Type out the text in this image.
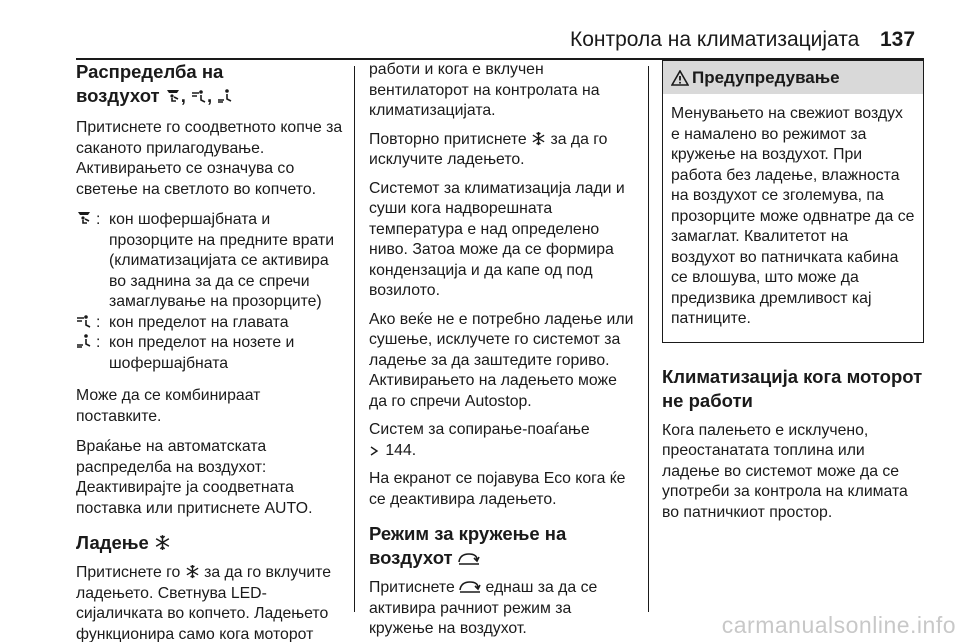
Контрола на климатизацијата 137
Распределба на
воздухот , ,
Притиснете го соодветното копче за саканото прилагодување. Активирањето се означува со светење на светлото во копчето.
: кон шофершајбната и прозорците на предните врати (климатизацијата се активира во заднина за да се спречи замаглување на прозорците)
: кон пределот на главата
: кон пределот на нозете и шофершајбната
Може да се комбинираат поставките.
Враќање на автоматската распределба на воздухот: Деактивирајте ја соодветната поставка или притиснете AUTO.
Ладење
Притиснете го  за да го вклучите ладењето. Светнува LED-сијаличката во копчето. Ладењето функционира само кога моторот
работи и кога е вклучен вентилаторот на контролата на климатизацијата.
Повторно притиснете  за да го исклучите ладењето.
Системот за климатизација лади и суши кога надворешната температура е над определено ниво. Затоа може да се формира кондензација и да капе од под возилото.
Ако веќе не е потребно ладење или сушење, исклучете го системот за ладење за да заштедите гориво. Активирањето на ладењето може да го спречи Autostop.
Систем за сопирање-поаѓање
144.
На екранот се појавува Eco кога ќе се деактивира ладењето.
Режим за кружење на
воздухот
Притиснете  еднаш за да се активира рачниот режим за кружење на воздухот.
Предупредување
Менувањето на свежиот воздух е намалено во режимот за кружење на воздухот. При работа без ладење, влажноста на воздухот се зголемува, па прозорците може одвнатре да се замаглат. Квалитетот на воздухот во патничката кабина се влошува, што може да предизвика дремливост кај патниците.
Климатизација кога моторот не работи
Кога палењето е исклучено, преостанатата топлина или ладење во системот може да се употреби за контрола на климата во патничкиот простор.
carmanualsonline.info
